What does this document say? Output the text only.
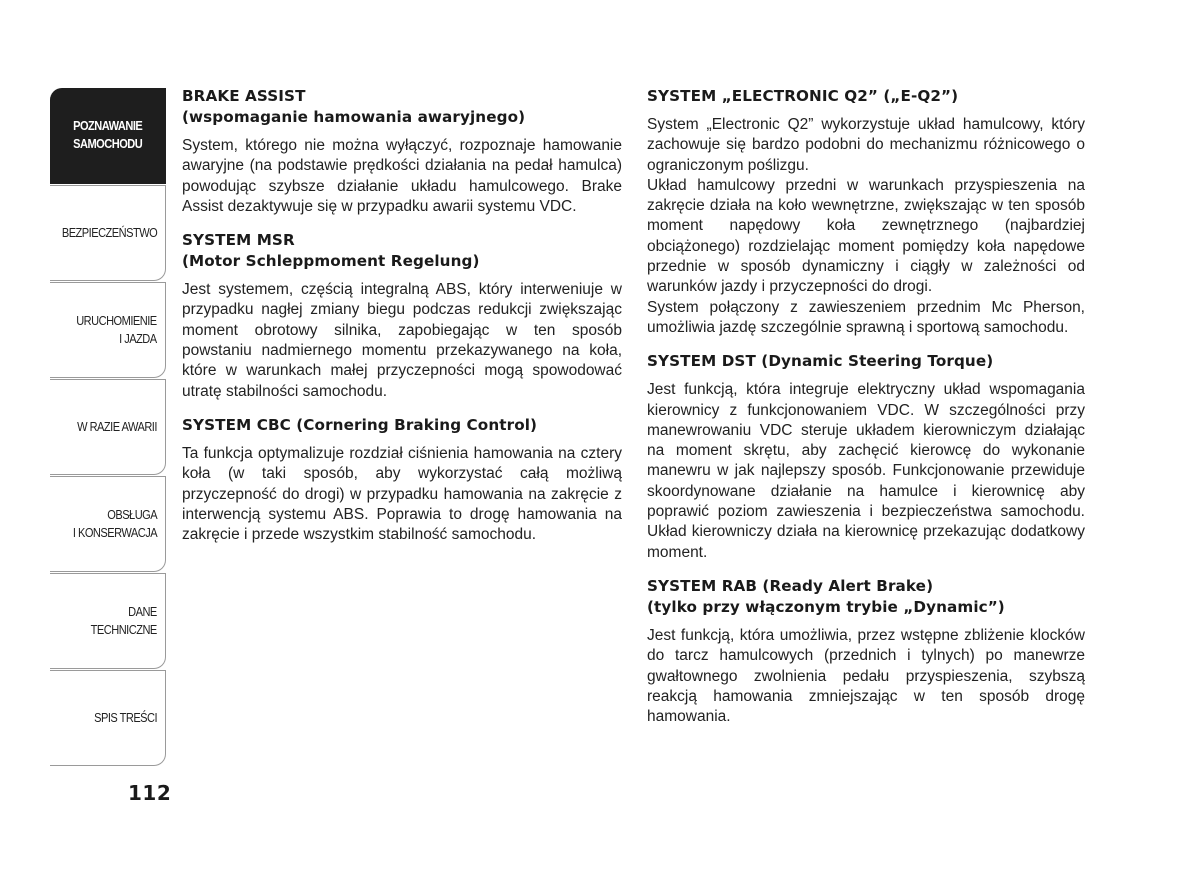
POZNAWANIE
SAMOCHODU
BEZPIECZEŃSTWO
URUCHOMIENIE
I JAZDA
W RAZIE AWARII
OBSŁUGA
I KONSERWACJA
DANE
TECHNICZNE
SPIS TREŚCI
112
BRAKE ASSIST
(wspomaganie hamowania awaryjnego)

System, którego nie można wyłączyć, rozpoznaje hamowanie awaryjne (na podstawie prędkości działania na pedał hamulca) powodując szybsze działanie układu hamulcowego. Brake Assist dezaktywuje się w przypadku awarii systemu VDC.

SYSTEM MSR
(Motor Schleppmoment Regelung)

Jest systemem, częścią integralną ABS, który interweniuje w przypadku nagłej zmiany biegu podczas redukcji zwiększając moment obrotowy silnika, zapobiegając w ten sposób powstaniu nadmiernego momentu przekazywanego na koła, które w warunkach małej przyczepności mogą spowodować utratę stabilności samochodu.

SYSTEM CBC (Cornering Braking Control)

Ta funkcja optymalizuje rozdział ciśnienia hamowania na cztery koła (w taki sposób, aby wykorzystać całą możliwą przyczepność do drogi) w przypadku hamowania na zakręcie z interwencją systemu ABS. Poprawia to drogę hamowania na zakręcie i przede wszystkim stabilność samochodu.

SYSTEM „ELECTRONIC Q2” („E-Q2”)

System „Electronic Q2” wykorzystuje układ hamulcowy, który zachowuje się bardzo podobni do mechanizmu różnicowego o ograniczonym poślizgu.

Układ hamulcowy przedni w warunkach przyspieszenia na zakręcie działa na koło wewnętrzne, zwiększając w ten sposób moment napędowy koła zewnętrznego (najbardziej obciążonego) rozdzielając moment pomiędzy koła napędowe przednie w sposób dynamiczny i ciągły w zależności od warunków jazdy i przyczepności do drogi.

System połączony z zawieszeniem przednim Mc Pherson, umożliwia jazdę szczególnie sprawną i sportową samochodu.

SYSTEM DST (Dynamic Steering Torque)

Jest funkcją, która integruje elektryczny układ wspomagania kierownicy z funkcjonowaniem VDC. W szczególności przy manewrowaniu VDC steruje układem kierowniczym działając na moment skrętu, aby zachęcić kierowcę do wykonanie manewru w jak najlepszy sposób. Funkcjonowanie przewiduje skoordynowane działanie na hamulce i kierownicę aby poprawić poziom zawieszenia i bezpieczeństwa samochodu. Układ kierowniczy działa na kierownicę przekazując dodatkowy moment.

SYSTEM RAB (Ready Alert Brake)
(tylko przy włączonym trybie „Dynamic”)

Jest funkcją, która umożliwia, przez wstępne zbliżenie klocków do tarcz hamulcowych (przednich i tylnych) po manewrze gwałtownego zwolnienia pedału przyspieszenia, szybszą reakcją hamowania zmniejszając w ten sposób drogę hamowania.
